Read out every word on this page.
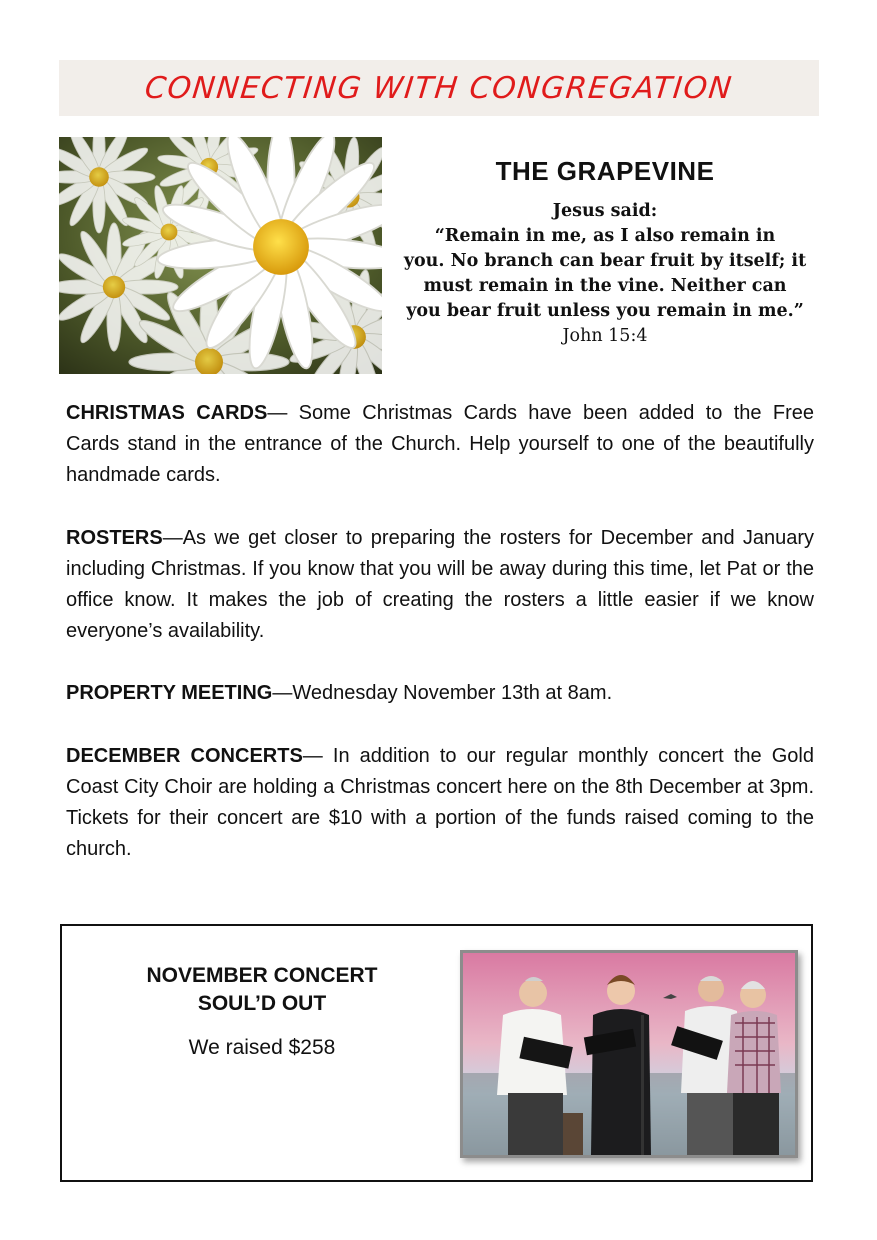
CONNECTING WITH CONGREGATION
THE GRAPEVINE
Jesus said:
“Remain in me, as I also remain in
you. No branch can bear fruit by itself; it
must remain in the vine. Neither can
you bear fruit unless you remain in me.”
John 15:4

CHRISTMAS CARDS— Some Christmas Cards have been added to the Free Cards stand in the entrance of the Church. Help yourself to one of the beautifully handmade cards.

ROSTERS—As we get closer to preparing the rosters for December and January including Christmas. If you know that you will be away during this time, let Pat or the office know. It makes the job of creating the rosters a little easier if we know everyone’s availability.

PROPERTY MEETING—Wednesday November 13th at 8am.

DECEMBER CONCERTS— In addition to our regular monthly concert the Gold Coast City Choir are holding a Christmas concert here on the 8th December at 3pm. Tickets for their concert are $10 with a portion of the funds raised coming to the church.

NOVEMBER CONCERT
SOUL’D OUT
We raised $258
